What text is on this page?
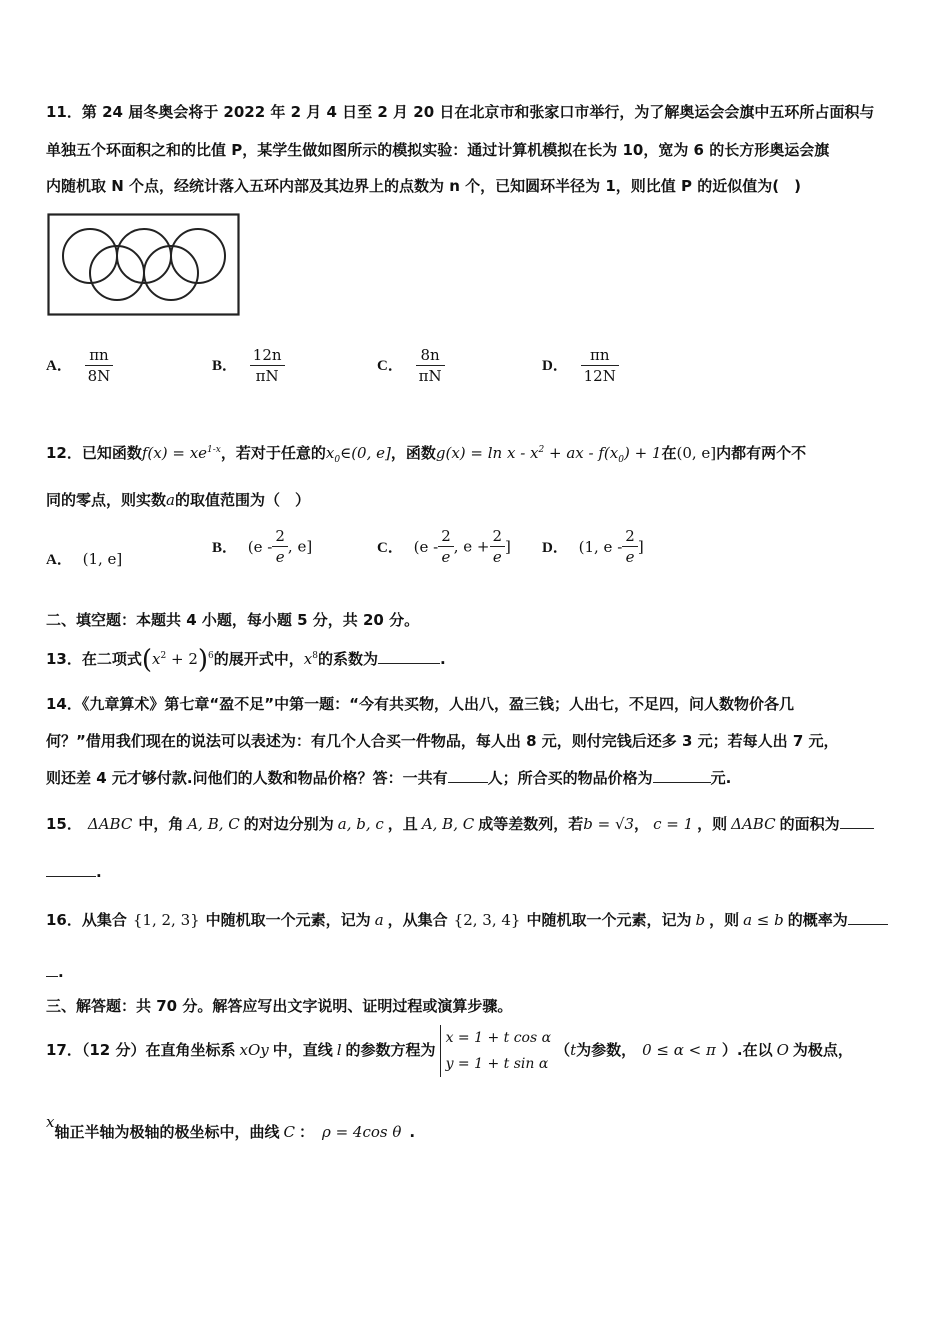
11．第 24 届冬奥会将于 2022 年 2 月 4 日至 2 月 20 日在北京市和张家口市举行，为了解奥运会会旗中五环所占面积与
单独五个环面积之和的比值 P，某学生做如图所示的模拟实验：通过计算机模拟在长为 10，宽为 6 的长方形奥运会旗
内随机取 N 个点，经统计落入五环内部及其边界上的点数为 n 个，已知圆环半径为 1，则比值 P 的近似值为(　)
A． $\frac{\pi n}{8N}$	B． $\frac{12n}{\pi N}$	C． $\frac{8n}{\pi N}$	D． $\frac{\pi n}{12N}$
12．已知函数$f(x) = xe^{1-x}$，若对于任意的$x_0\in(0$, e]，函数$g(x) = \ln x - x^2$ + ax - $f(x_0) + 1$在(0, e]内都有两个不
同的零点，则实数a的取值范围为（　）
A． (1, e]
B． ($e - \frac{2}{e}$ , e]	C． ($e - \frac{2}{e}$ , $e + \frac{2}{e}$ ] D． (1, e - $\frac{2}{e}$ ]
二、填空题：本题共 4 小题，每小题 5 分，共 20 分。
13．在二项式$(x^2 + 2)^6$的展开式中，$x^8$的系数为	.
14．《九章算术》第七章“盈不足”中第一题：“今有共买物，人出八，盈三钱；人出七，不足四，问人数物价各几
何？”借用我们现在的说法可以表述为：有几个人合买一件物品，每人出 8 元，则付完钱后还多 3 元；若每人出 7 元，
则还差 4 元才够付款.问他们的人数和物品价格？答：一共有	人；所合买的物品价格为	元.
15． ΔABC 中，角 A, B, C 的对边分别为 a, b, c ，且 A, B, C 成等差数列，若b = √3， c = 1 ，则 ΔABC 的面积为
.
16．从集合 {1, 2, 3} 中随机取一个元素，记为 a ，从集合 {2, 3, 4} 中随机取一个元素，记为 b ，则 a ≤ b 的概率为
.
三、解答题：共 70 分。解答应写出文字说明、证明过程或演算步骤。
17．（12 分）在直角坐标系 xOy 中，直线 l 的参数方程为
x = 1 + t cos α
y = 1 + t sin α
（t为参数， 0 ≤ α < π ）.在以 O 为极点，
x轴正半轴为极轴的极坐标中，曲线 C ： ρ = 4cos θ .
